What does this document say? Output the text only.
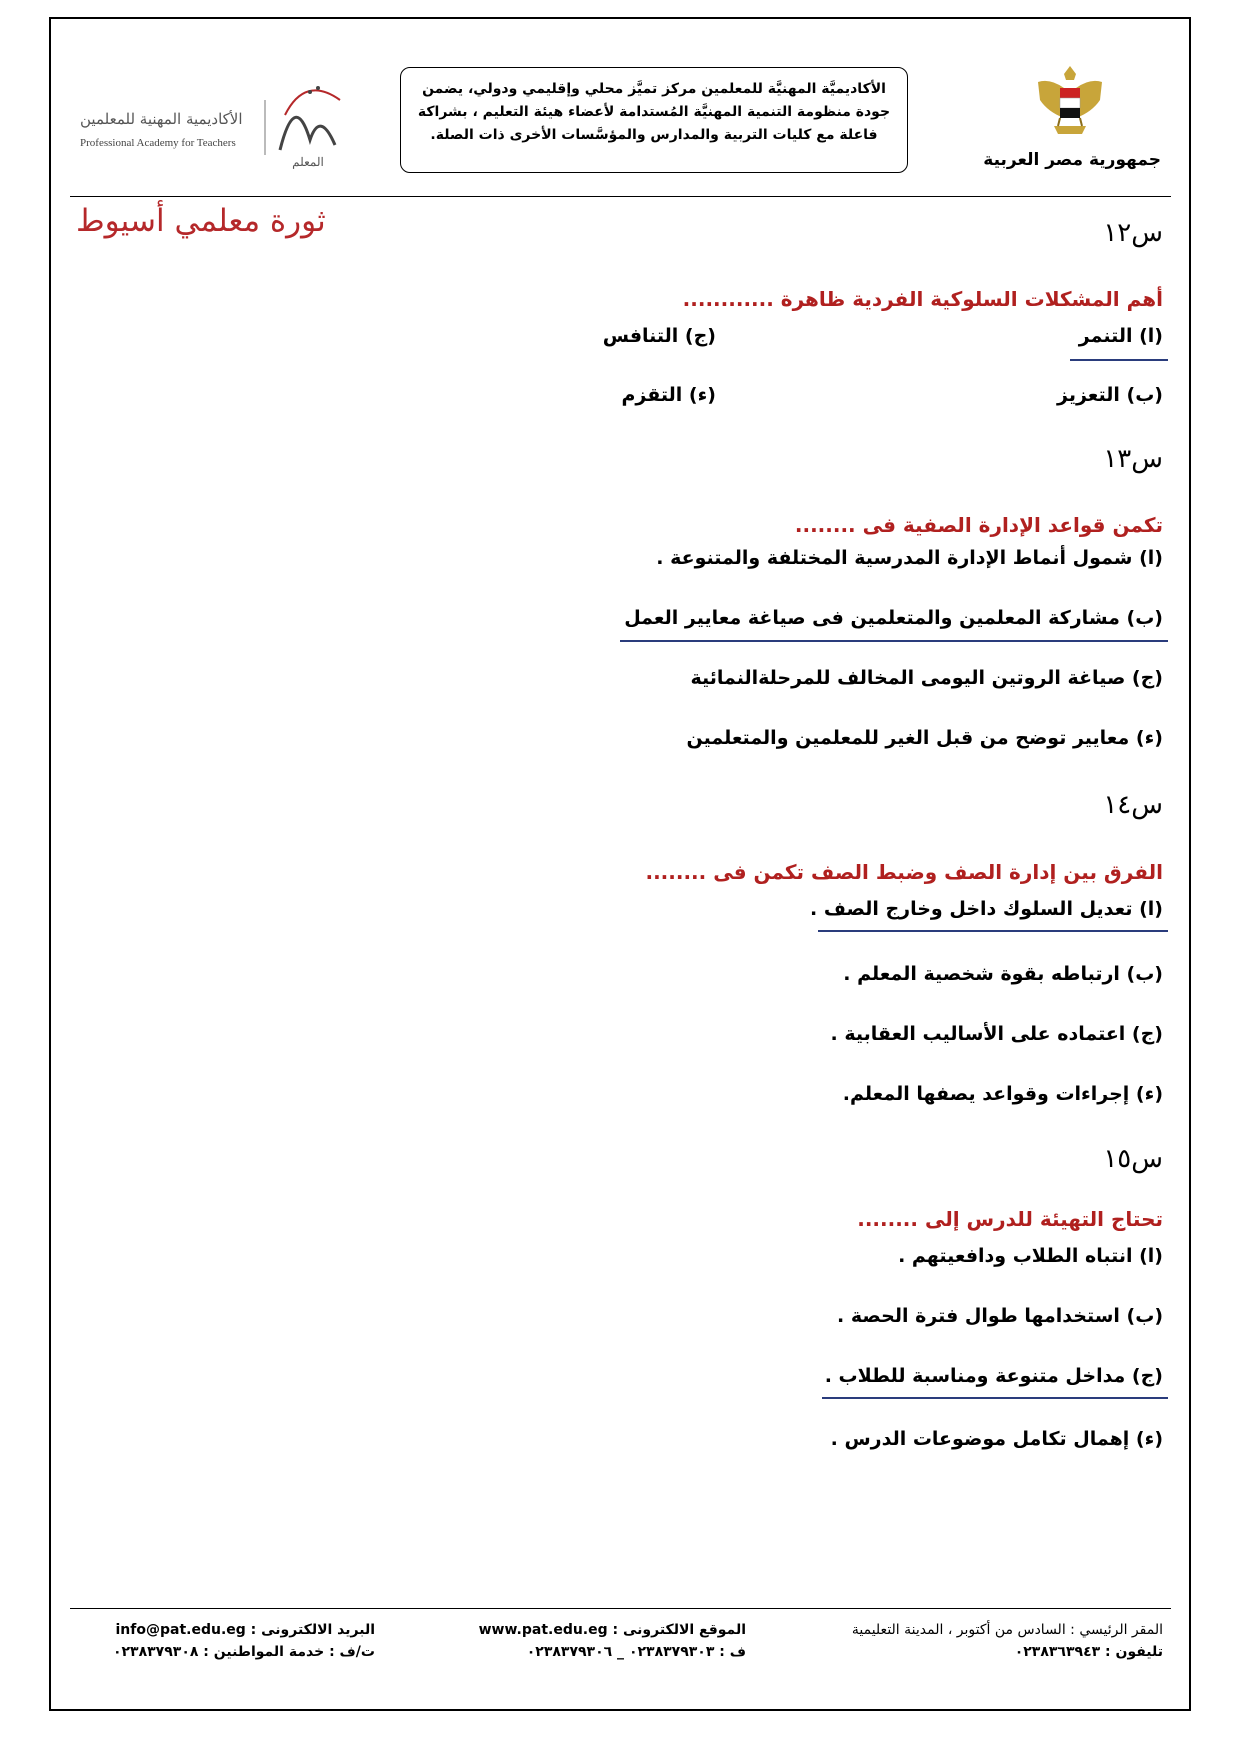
جمهورية مصر العربية
الأكاديميَّة المهنيَّة للمعلمين مركز تميَّز محلي وإقليمي ودولي، يضمن
جودة منظومة التنمية المهنيَّة المُستدامة لأعضاء هيئة التعليم ، بشراكة
فاعلة مع كليات التربية والمدارس والمؤسَّسات الأخرى ذات الصلة.
المعلم
الأكاديمية المهنية للمعلمين
Professional Academy for Teachers
ثورة معلمي أسيوط	س١٢
أهم المشكلات السلوكية الفردية ظاهرة ............
(ا) التنمر
(ج) التنافس
(ب) التعزيز
(ء) التقزم
س١٣
تكمن قواعد الإدارة الصفية فى ........
(ا) شمول أنماط الإدارة المدرسية المختلفة والمتنوعة .
(ب) مشاركة المعلمين والمتعلمين فى صياغة معايير العمل
(ج) صياغة الروتين اليومى المخالف للمرحلةالنمائية
(ء) معايير توضح من قبل الغير للمعلمين والمتعلمين
س١٤
الفرق بين إدارة الصف وضبط الصف تكمن فى ........
(ا) تعديل السلوك داخل وخارج الصف .
(ب) ارتباطه بقوة شخصية المعلم .
(ج) اعتماده على الأساليب العقابية .
(ء) إجراءات وقواعد يصفها المعلم.
س١٥
تحتاج التهيئة للدرس إلى ........
(ا) انتباه الطلاب ودافعيتهم .
(ب) استخدامها طوال فترة الحصة .
(ج) مداخل متنوعة ومناسبة للطلاب .
(ء) إهمال تكامل موضوعات الدرس .
المقر الرئيسي : السادس من أكتوبر ، المدينة التعليمية
تليفون : ٠٢٣٨٣٦٣٩٤٣
الموقع الالكترونى : www.pat.edu.eg
ف : ٠٢٣٨٣٧٩٣٠٣ _ ٠٢٣٨٣٧٩٣٠٦
البريد الالكترونى : info@pat.edu.eg
ت/ف : خدمة المواطنين : ٠٢٣٨٣٧٩٣٠٨
